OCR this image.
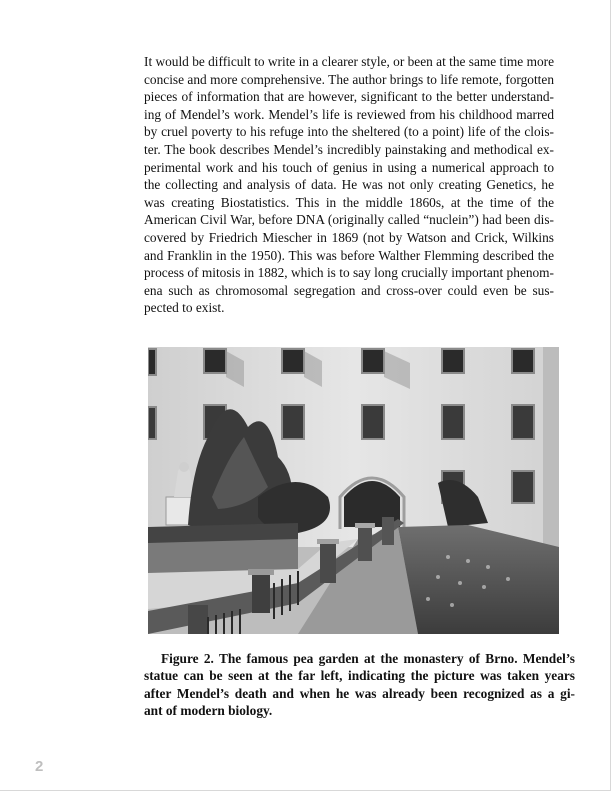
It would be difficult to write in a clearer style, or been at the same time more
concise and more comprehensive. The author brings to life remote, forgotten
pieces of information that are however, significant to the better understand-
ing of Mendel’s work. Mendel’s life is reviewed from his childhood marred
by cruel poverty to his refuge into the sheltered (to a point) life of the clois-
ter. The book describes Mendel’s incredibly painstaking and methodical ex-
perimental work and his touch of genius in using a numerical approach to
the collecting and analysis of data. He was not only creating Genetics, he
was creating Biostatistics. This in the middle 1860s, at the time of the
American Civil War, before DNA (originally called “nuclein”) had been dis-
covered by Friedrich Miescher in 1869 (not by Watson and Crick, Wilkins
and Franklin in the 1950). This was before Walther Flemming described the
process of mitosis in 1882, which is to say long crucially important phenom-
ena such as chromosomal segregation and cross-over could even be sus-
pected to exist.
Figure 2. The famous pea garden at the monastery of Brno. Mendel’s
statue can be seen at the far left, indicating the picture was taken years
after Mendel’s death and when he was already been recognized as a gi-
ant of modern biology.
2
